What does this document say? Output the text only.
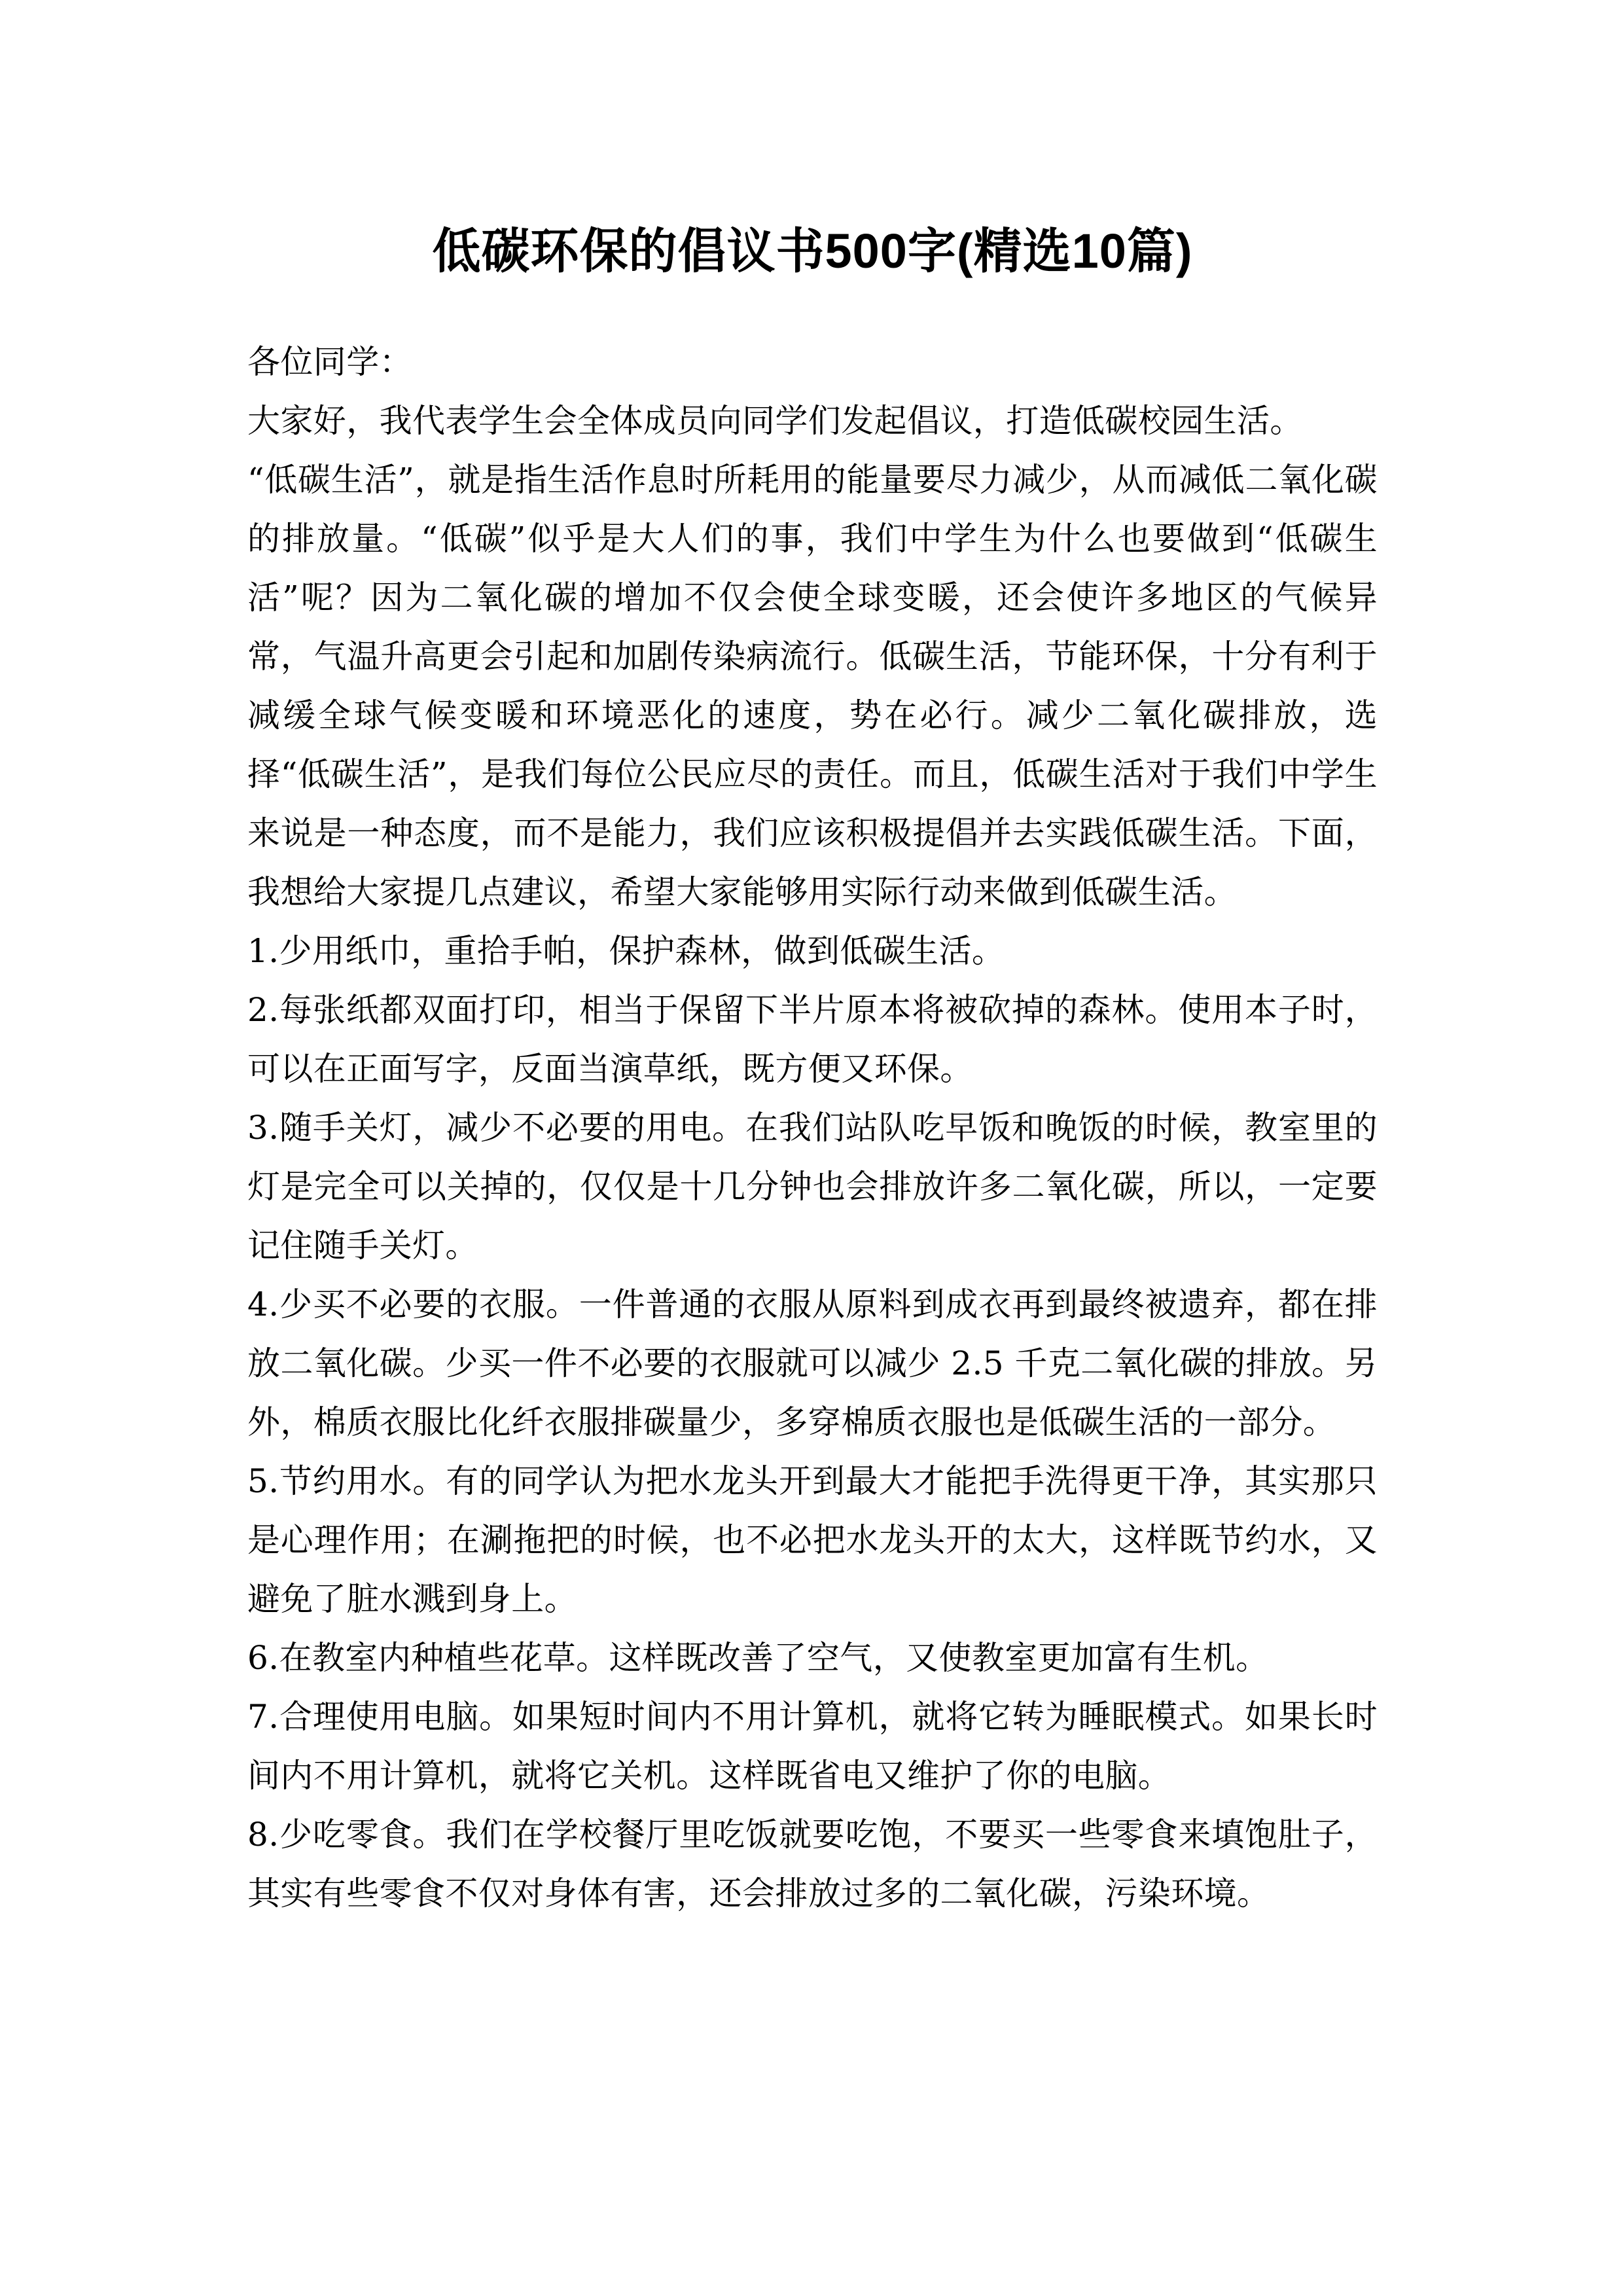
低碳环保的倡议书500字(精选10篇)

各位同学：

大家好，我代表学生会全体成员向同学们发起倡议，打造低碳校园生活。

“低碳生活”，就是指生活作息时所耗用的能量要尽力减少，从而减低二氧化碳的排放量。“低碳”似乎是大人们的事，我们中学生为什么也要做到“低碳生活”呢？因为二氧化碳的增加不仅会使全球变暖，还会使许多地区的气候异常，气温升高更会引起和加剧传染病流行。低碳生活，节能环保，十分有利于减缓全球气候变暖和环境恶化的速度，势在必行。减少二氧化碳排放，选择“低碳生活”，是我们每位公民应尽的责任。而且，低碳生活对于我们中学生来说是一种态度，而不是能力，我们应该积极提倡并去实践低碳生活。下面，我想给大家提几点建议，希望大家能够用实际行动来做到低碳生活。

1.少用纸巾，重拾手帕，保护森林，做到低碳生活。

2.每张纸都双面打印，相当于保留下半片原本将被砍掉的森林。使用本子时，可以在正面写字，反面当演草纸，既方便又环保。

3.随手关灯，减少不必要的用电。在我们站队吃早饭和晚饭的时候，教室里的灯是完全可以关掉的，仅仅是十几分钟也会排放许多二氧化碳，所以，一定要记住随手关灯。

4.少买不必要的衣服。一件普通的衣服从原料到成衣再到最终被遗弃，都在排放二氧化碳。少买一件不必要的衣服就可以减少 2.5 千克二氧化碳的排放。另外，棉质衣服比化纤衣服排碳量少，多穿棉质衣服也是低碳生活的一部分。

5.节约用水。有的同学认为把水龙头开到最大才能把手洗得更干净，其实那只是心理作用；在涮拖把的时候，也不必把水龙头开的太大，这样既节约水，又避免了脏水溅到身上。

6.在教室内种植些花草。这样既改善了空气，又使教室更加富有生机。

7.合理使用电脑。如果短时间内不用计算机，就将它转为睡眠模式。如果长时间内不用计算机，就将它关机。这样既省电又维护了你的电脑。

8.少吃零食。我们在学校餐厅里吃饭就要吃饱，不要买一些零食来填饱肚子，其实有些零食不仅对身体有害，还会排放过多的二氧化碳，污染环境。
